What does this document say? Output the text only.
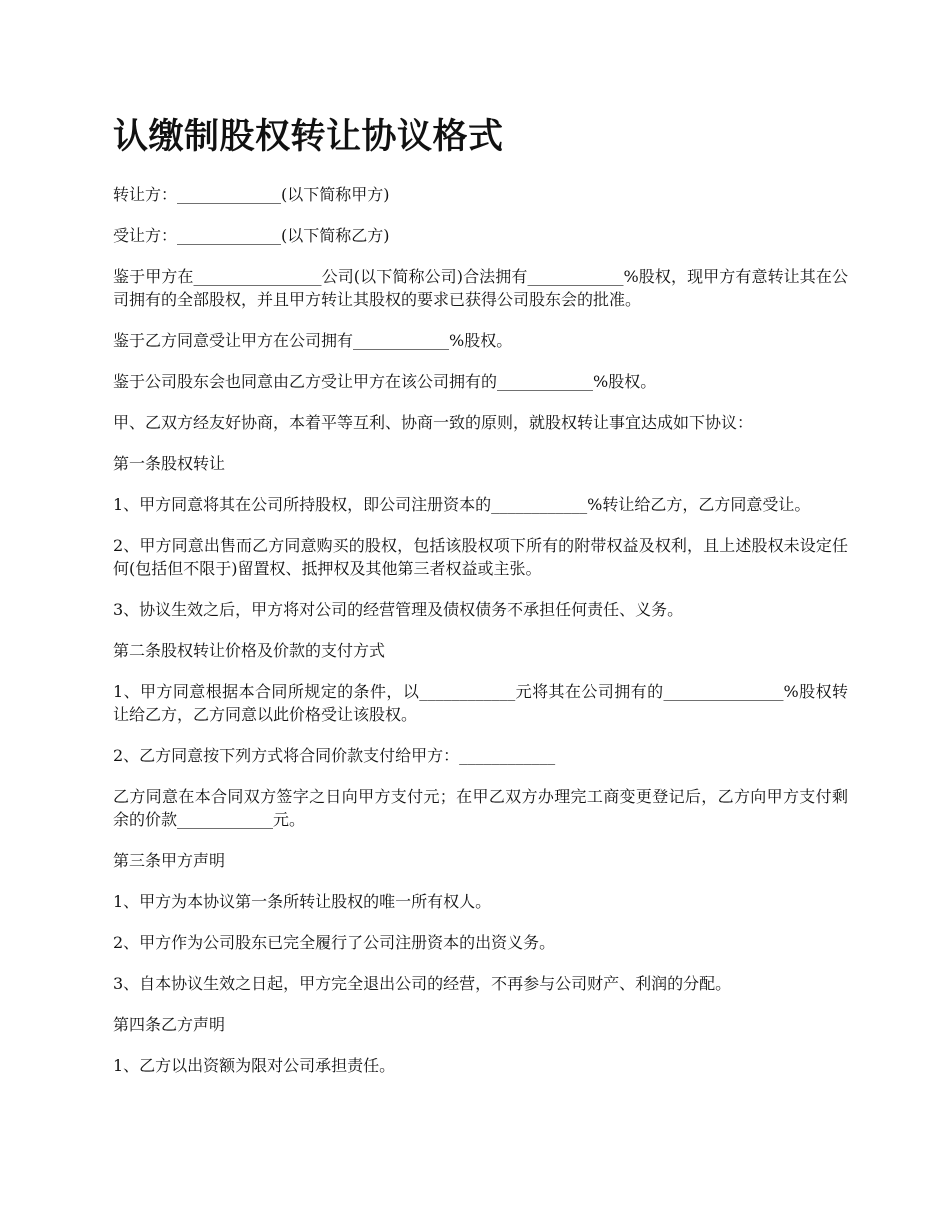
认缴制股权转让协议格式

转让方：_____________(以下简称甲方)

受让方：_____________(以下简称乙方)

鉴于甲方在________________公司(以下简称公司)合法拥有____________%股权，现甲方有意转让其在公司拥有的全部股权，并且甲方转让其股权的要求已获得公司股东会的批准。

鉴于乙方同意受让甲方在公司拥有____________%股权。

鉴于公司股东会也同意由乙方受让甲方在该公司拥有的____________%股权。

甲、乙双方经友好协商，本着平等互利、协商一致的原则，就股权转让事宜达成如下协议：

第一条股权转让

1、甲方同意将其在公司所持股权，即公司注册资本的____________%转让给乙方，乙方同意受让。

2、甲方同意出售而乙方同意购买的股权，包括该股权项下所有的附带权益及权利，且上述股权未设定任何(包括但不限于)留置权、抵押权及其他第三者权益或主张。

3、协议生效之后，甲方将对公司的经营管理及债权债务不承担任何责任、义务。

第二条股权转让价格及价款的支付方式

1、甲方同意根据本合同所规定的条件，以____________元将其在公司拥有的_______________%股权转让给乙方，乙方同意以此价格受让该股权。

2、乙方同意按下列方式将合同价款支付给甲方：____________

乙方同意在本合同双方签字之日向甲方支付元；在甲乙双方办理完工商变更登记后，乙方向甲方支付剩余的价款____________元。

第三条甲方声明

1、甲方为本协议第一条所转让股权的唯一所有权人。

2、甲方作为公司股东已完全履行了公司注册资本的出资义务。

3、自本协议生效之日起，甲方完全退出公司的经营，不再参与公司财产、利润的分配。

第四条乙方声明

1、乙方以出资额为限对公司承担责任。
